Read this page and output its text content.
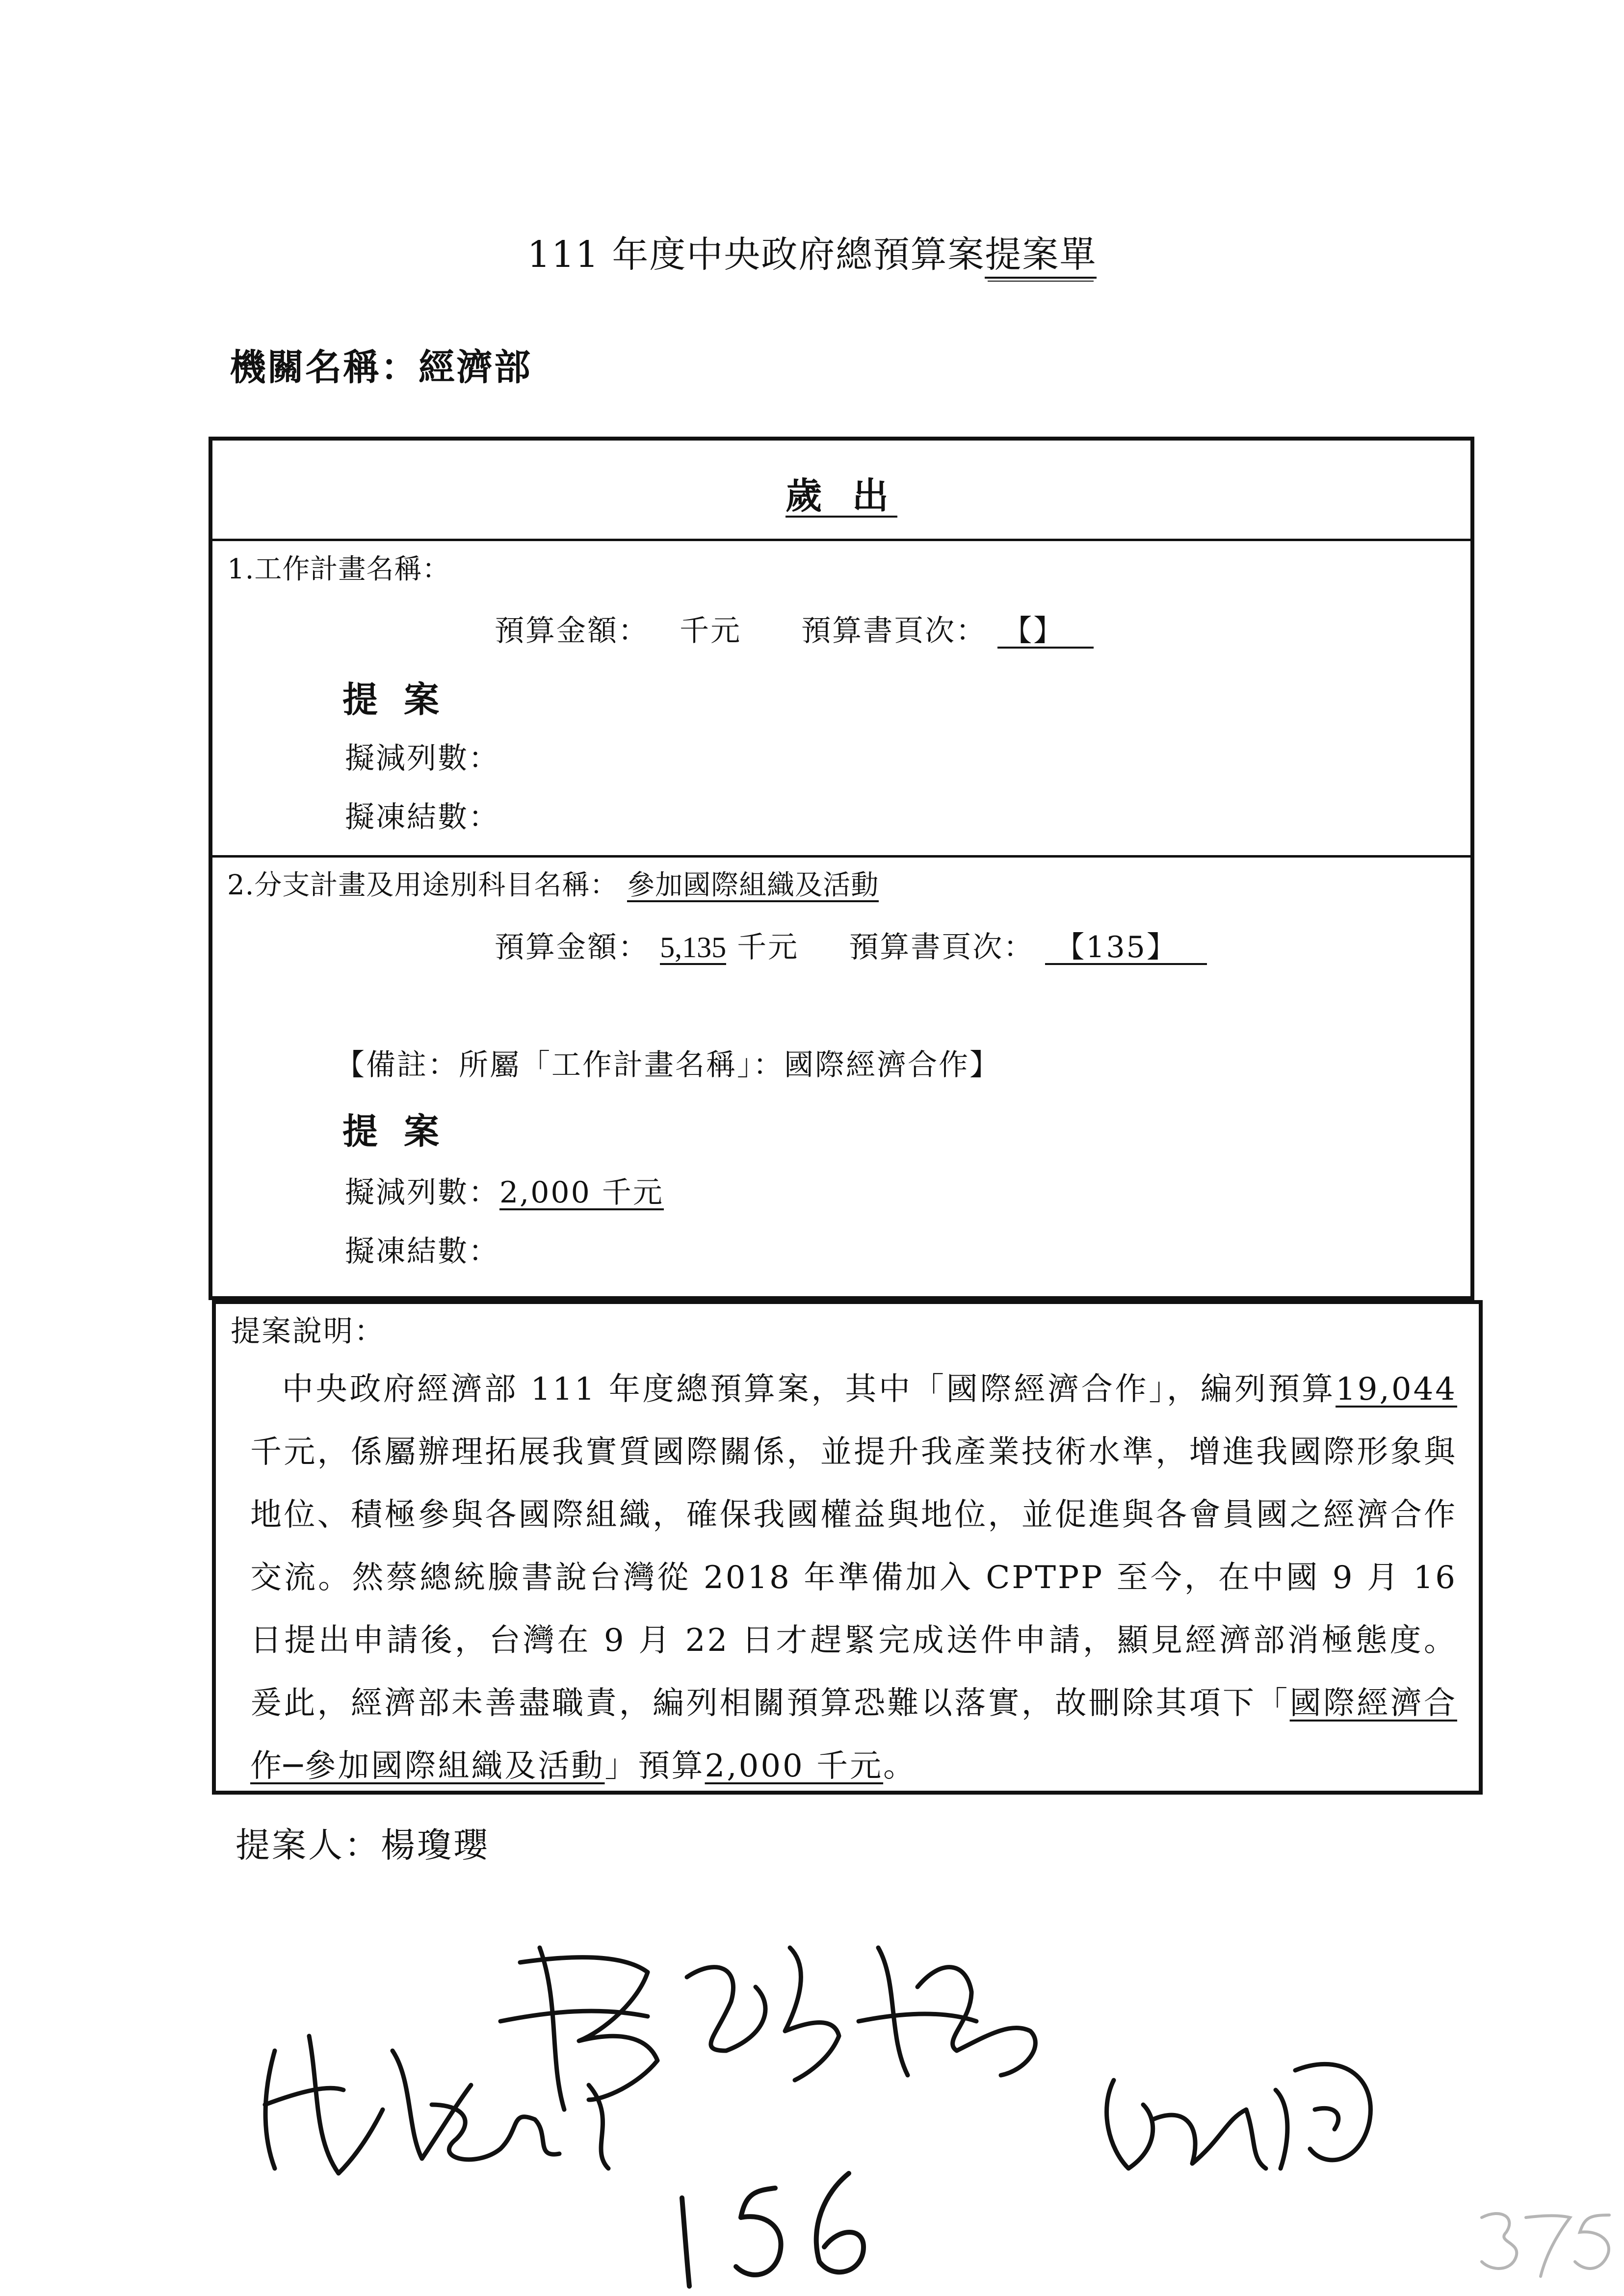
111 年度中央政府總預算案提案單
機關名稱：經濟部
歲 出
1.工作計畫名稱：
預算金額： 千元 預算書頁次： 【】
提 案
擬減列數：
擬凍結數：
2.分支計畫及用途別科目名稱： 參加國際組織及活動
預算金額： 5,135 千元 預算書頁次： 【135】
【備註：所屬「工作計畫名稱」：國際經濟合作】
提 案
擬減列數：2,000 千元
擬凍結數：
提案說明：
中央政府經濟部 111 年度總預算案，其中「國際經濟合作」，編列預算19,044千元，係屬辦理拓展我實質國際關係，並提升我產業技術水準，增進我國際形象與地位、積極參與各國際組織，確保我國權益與地位，並促進與各會員國之經濟合作交流。然蔡總統臉書說台灣從 2018 年準備加入 CPTPP 至今，在中國 9 月 16 日提出申請後，台灣在 9 月 22 日才趕緊完成送件申請，顯見經濟部消極態度。爰此，經濟部未善盡職責，編列相關預算恐難以落實，故刪除其項下「國際經濟合作─參加國際組織及活動」預算2,000 千元。
提案人：楊瓊瓔
